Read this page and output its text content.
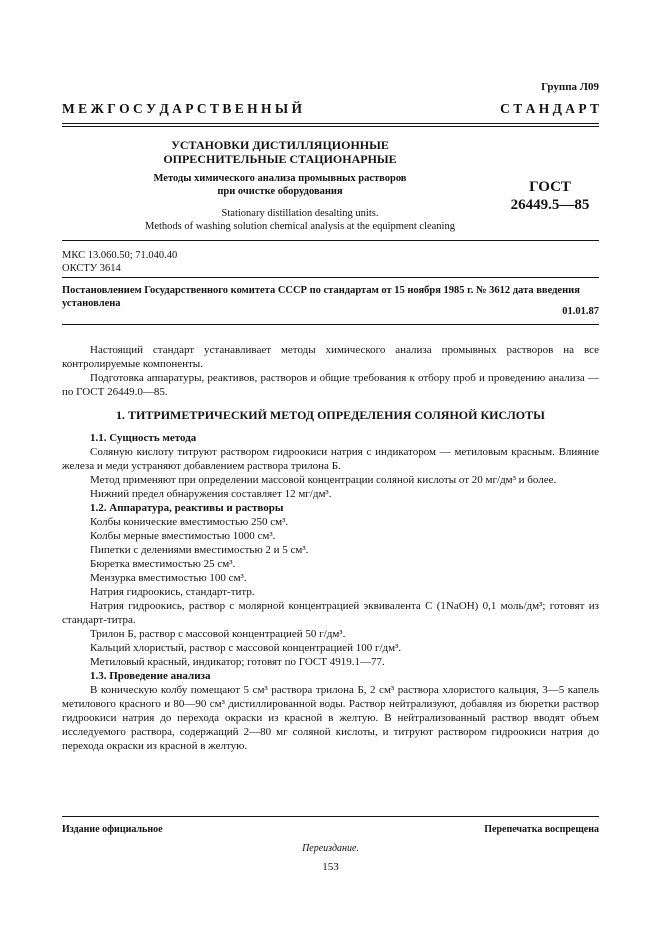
Группа Л09
М Е Ж Г О С У Д А Р С Т В Е Н Н Ы Й	С Т А Н Д А Р Т
УСТАНОВКИ ДИСТИЛЛЯЦИОННЫЕ
ОПРЕСНИТЕЛЬНЫЕ СТАЦИОНАРНЫЕ
Методы химического анализа промывных растворов
при очистке оборудования
Stationary distillation desalting units.
Methods of washing solution chemical analysis at the equipment cleaning
ГОСТ
26449.5—85
МКС 13.060.50; 71.040.40
ОКСТУ 3614
Постановлением Государственного комитета СССР по стандартам от 15 ноября 1985 г. № 3612 дата введения установлена
01.01.87

Настоящий стандарт устанавливает методы химического анализа промывных растворов на все контролируемые компоненты.

Подготовка аппаратуры, реактивов, растворов и общие требования к отбору проб и проведению анализа — по ГОСТ 26449.0—85.

1. ТИТРИМЕТРИЧЕСКИЙ МЕТОД ОПРЕДЕЛЕНИЯ СОЛЯНОЙ КИСЛОТЫ
1.1. Сущность метода

Соляную кислоту титруют раствором гидроокиси натрия с индикатором — метиловым красным. Влияние железа и меди устраняют добавлением раствора трилона Б.

Метод применяют при определении массовой концентрации соляной кислоты от 20 мг/дм³ и более.

Нижний предел обнаружения составляет 12 мг/дм³.

1.2. Аппаратура, реактивы и растворы

Колбы конические вместимостью 250 см³.

Колбы мерные вместимостью 1000 см³.

Пипетки с делениями вместимостью 2 и 5 см³.

Бюретка вместимостью 25 см³.

Мензурка вместимостью 100 см³.

Натрия гидроокись, стандарт-титр.

Натрия гидроокись, раствор с молярной концентрацией эквивалента C (1NaOH) 0,1 моль/дм³; готовят из стандарт-титра.

Трилон Б, раствор с массовой концентрацией 50 г/дм³.

Кальций хлористый, раствор с массовой концентрацией 100 г/дм³.

Метиловый красный, индикатор; готовят по ГОСТ 4919.1—77.

1.3. Проведение анализа

В коническую колбу помещают 5 см³ раствора трилона Б, 2 см³ раствора хлористого кальция, 3—5 капель метилового красного и 80—90 см³ дистиллированной воды. Раствор нейтрализуют, добавляя из бюретки раствор гидроокиси натрия до перехода окраски из красной в желтую. В нейтрализованный раствор вводят объем исследуемого раствора, содержащий 2—80 мг соляной кислоты, и титруют раствором гидроокиси натрия до перехода окраски из красной в желтую.

Издание официальное	Перепечатка воспрещена
Переиздание.
153
